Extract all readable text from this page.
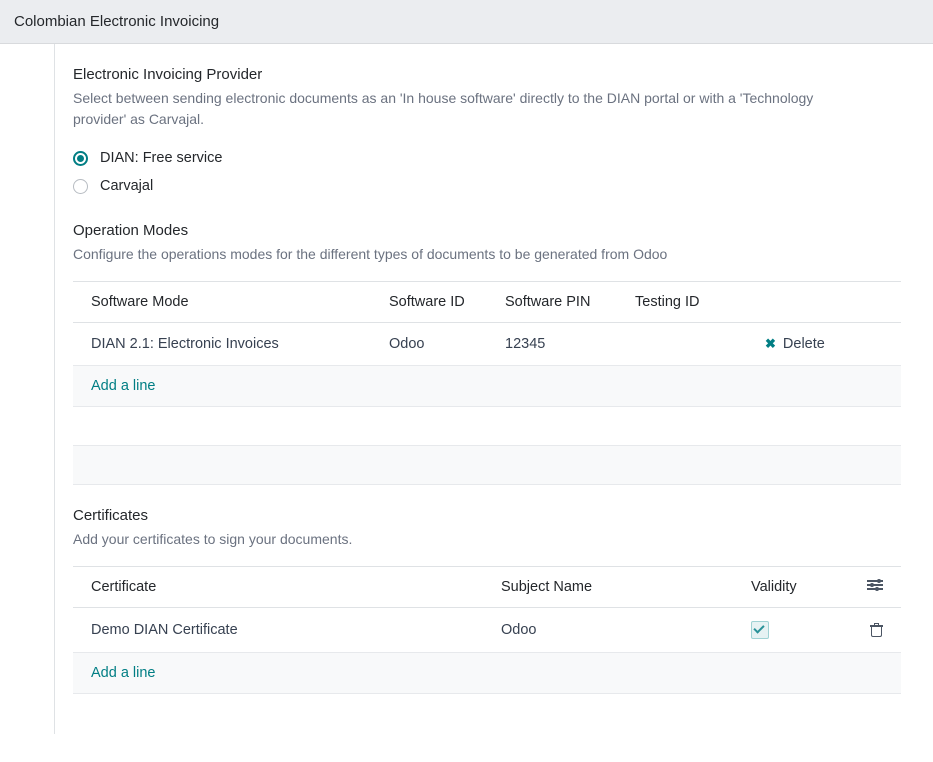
Colombian Electronic Invoicing
Electronic Invoicing Provider
Select between sending electronic documents as an 'In house software' directly to the DIAN portal or with a 'Technology provider' as Carvajal.
DIAN: Free service
Carvajal
Operation Modes
Configure the operations modes for the different types of documents to be generated from Odoo
Software Mode	Software ID	Software PIN	Testing ID	
DIAN 2.1: Electronic Invoices	Odoo	12345		✖ Delete
Add a line				

Certificates
Add your certificates to sign your documents.
Certificate	Subject Name	Validity	

Demo DIAN Certificate	Odoo		

Add a line			
